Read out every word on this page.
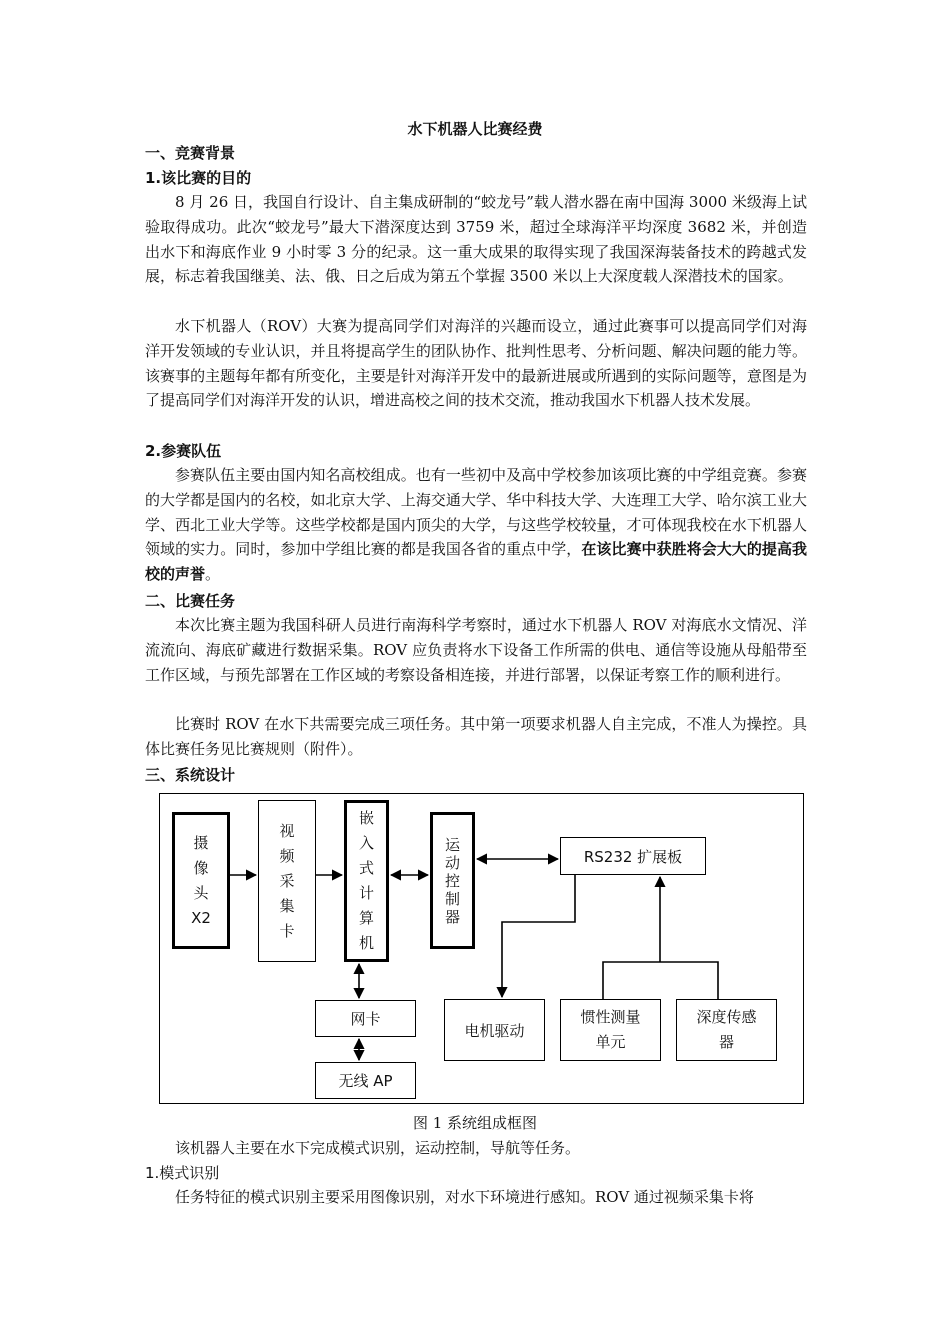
水下机器人比赛经费
一、竞赛背景
1.该比赛的目的

8 月 26 日，我国自行设计、自主集成研制的“蛟龙号”载人潜水器在南中国海 3000 米级海上试验取得成功。此次“蛟龙号”最大下潜深度达到 3759 米，超过全球海洋平均深度 3682 米，并创造出水下和海底作业 9 小时零 3 分的纪录。这一重大成果的取得实现了我国深海装备技术的跨越式发展，标志着我国继美、法、俄、日之后成为第五个掌握 3500 米以上大深度载人深潜技术的国家。

水下机器人（ROV）大赛为提高同学们对海洋的兴趣而设立，通过此赛事可以提高同学们对海洋开发领域的专业认识，并且将提高学生的团队协作、批判性思考、分析问题、解决问题的能力等。该赛事的主题每年都有所变化，主要是针对海洋开发中的最新进展或所遇到的实际问题等，意图是为了提高同学们对海洋开发的认识，增进高校之间的技术交流，推动我国水下机器人技术发展。

2.参赛队伍

参赛队伍主要由国内知名高校组成。也有一些初中及高中学校参加该项比赛的中学组竞赛。参赛的大学都是国内的名校，如北京大学、上海交通大学、华中科技大学、大连理工大学、哈尔滨工业大学、西北工业大学等。这些学校都是国内顶尖的大学，与这些学校较量，才可体现我校在水下机器人领域的实力。同时，参加中学组比赛的都是我国各省的重点中学，在该比赛中获胜将会大大的提高我校的声誉。

二、比赛任务

本次比赛主题为我国科研人员进行南海科学考察时，通过水下机器人 ROV 对海底水文情况、洋流流向、海底矿藏进行数据采集。ROV 应负责将水下设备工作所需的供电、通信等设施从母船带至工作区域，与预先部署在工作区域的考察设备相连接，并进行部署，以保证考察工作的顺利进行。

比赛时 ROV 在水下共需要完成三项任务。其中第一项要求机器人自主完成，不准人为操控。具体比赛任务见比赛规则（附件）。

三、系统设计
摄
像
头
X2
视
频
采
集
卡
嵌
入
式
计
算
机
运
动
控
制
器
RS232 扩展板
网卡
无线 AP
电机驱动
惯性测量
单元
深度传感
器
图 1 系统组成框图

该机器人主要在水下完成模式识别，运动控制，导航等任务。

1.模式识别

任务特征的模式识别主要采用图像识别，对水下环境进行感知。ROV 通过视频采集卡将
